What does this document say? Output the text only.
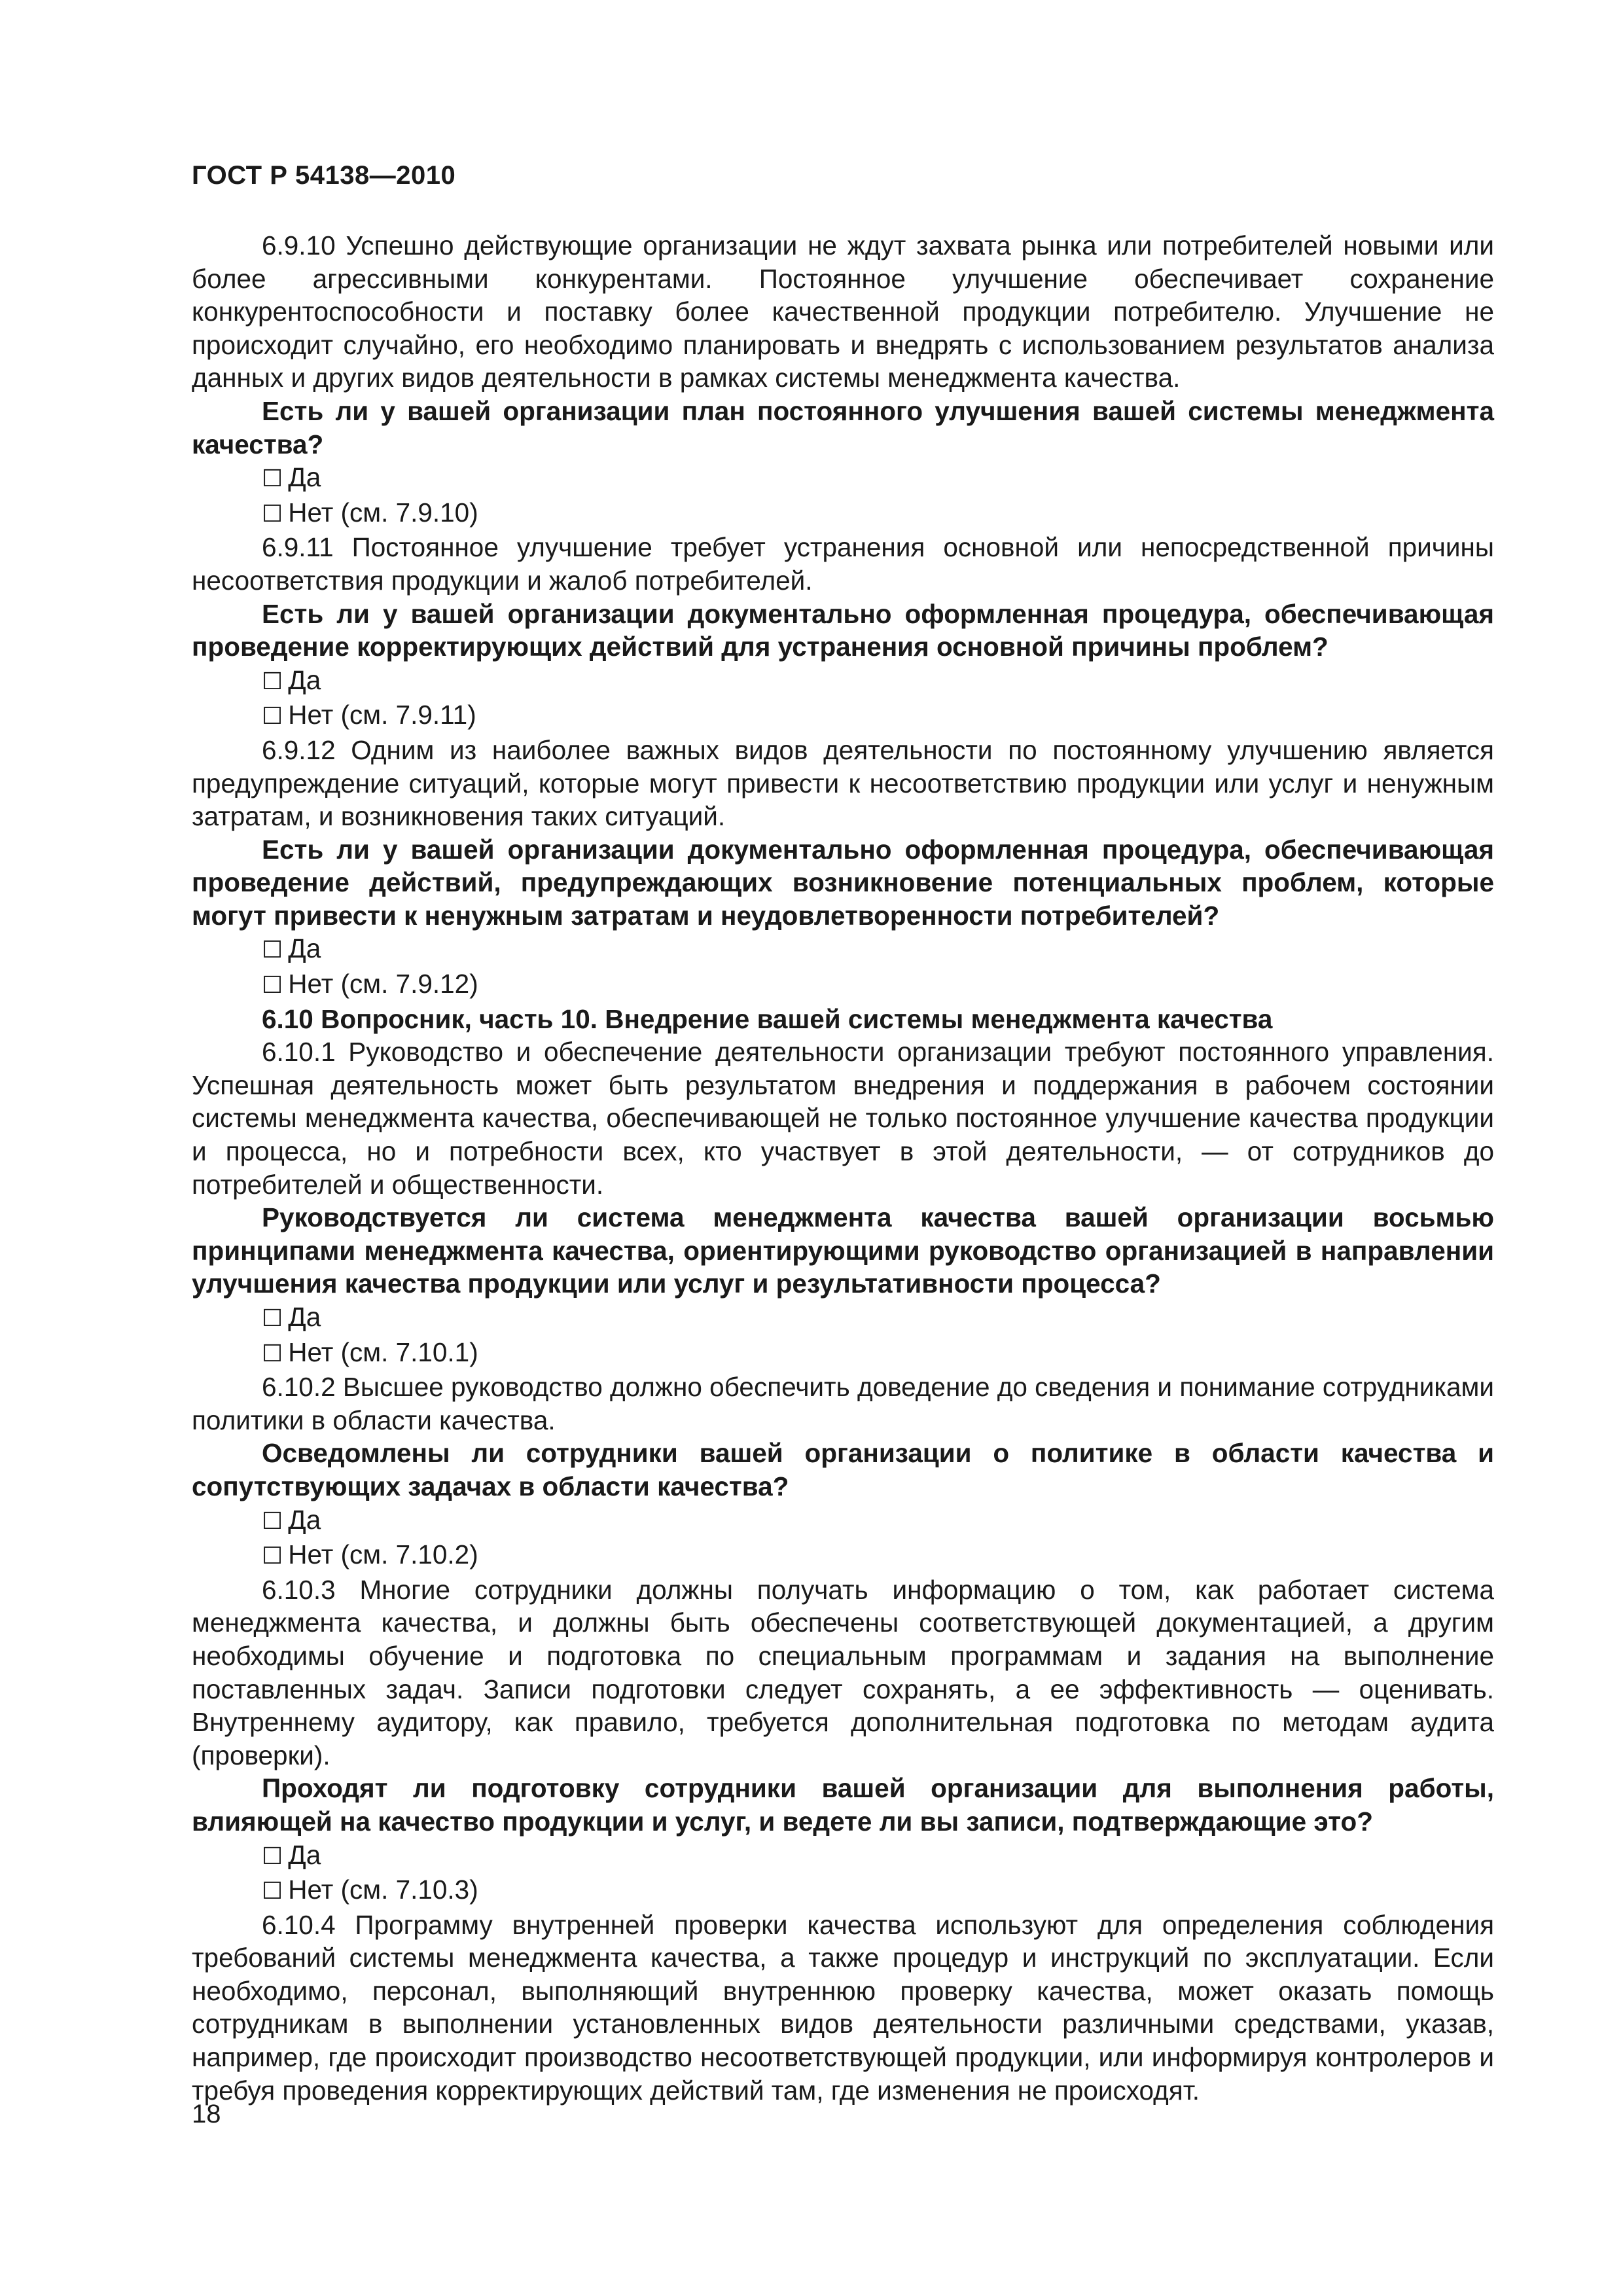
ГОСТ Р 54138—2010

6.9.10 Успешно действующие организации не ждут захвата рынка или потребителей новыми или более агрессивными конкурентами. Постоянное улучшение обеспечивает сохранение конкурентоспособности и поставку более качественной продукции потребителю. Улучшение не происходит случайно, его необходимо планировать и внедрять с использованием результатов анализа данных и других видов деятельности в рамках системы менеджмента качества.

Есть ли у вашей организации план постоянного улучшения вашей системы менеджмента качества?

☐ Да

☐ Нет (см. 7.9.10)

6.9.11 Постоянное улучшение требует устранения основной или непосредственной причины несоответствия продукции и жалоб потребителей.

Есть ли у вашей организации документально оформленная процедура, обеспечивающая проведение корректирующих действий для устранения основной причины проблем?

☐ Да

☐ Нет (см. 7.9.11)

6.9.12 Одним из наиболее важных видов деятельности по постоянному улучшению является предупреждение ситуаций, которые могут привести к несоответствию продукции или услуг и ненужным затратам, и возникновения таких ситуаций.

Есть ли у вашей организации документально оформленная процедура, обеспечивающая проведение действий, предупреждающих возникновение потенциальных проблем, которые могут привести к ненужным затратам и неудовлетворенности потребителей?

☐ Да

☐ Нет (см. 7.9.12)

6.10 Вопросник, часть 10. Внедрение вашей системы менеджмента качества

6.10.1 Руководство и обеспечение деятельности организации требуют постоянного управления. Успешная деятельность может быть результатом внедрения и поддержания в рабочем состоянии системы менеджмента качества, обеспечивающей не только постоянное улучшение качества продукции и процесса, но и потребности всех, кто участвует в этой деятельности, — от сотрудников до потребителей и общественности.

Руководствуется ли система менеджмента качества вашей организации восьмью принципами менеджмента качества, ориентирующими руководство организацией в направлении улучшения качества продукции или услуг и результативности процесса?

☐ Да

☐ Нет (см. 7.10.1)

6.10.2 Высшее руководство должно обеспечить доведение до сведения и понимание сотрудниками политики в области качества.

Осведомлены ли сотрудники вашей организации о политике в области качества и сопутствующих задачах в области качества?

☐ Да

☐ Нет (см. 7.10.2)

6.10.3 Многие сотрудники должны получать информацию о том, как работает система менеджмента качества, и должны быть обеспечены соответствующей документацией, а другим необходимы обучение и подготовка по специальным программам и задания на выполнение поставленных задач. Записи подготовки следует сохранять, а ее эффективность — оценивать. Внутреннему аудитору, как правило, требуется дополнительная подготовка по методам аудита (проверки).

Проходят ли подготовку сотрудники вашей организации для выполнения работы, влияющей на качество продукции и услуг, и ведете ли вы записи, подтверждающие это?

☐ Да

☐ Нет (см. 7.10.3)

6.10.4 Программу внутренней проверки качества используют для определения соблюдения требований системы менеджмента качества, а также процедур и инструкций по эксплуатации. Если необходимо, персонал, выполняющий внутреннюю проверку качества, может оказать помощь сотрудникам в выполнении установленных видов деятельности различными средствами, указав, например, где происходит производство несоответствующей продукции, или информируя контролеров и требуя проведения корректирующих действий там, где изменения не происходят.

18
